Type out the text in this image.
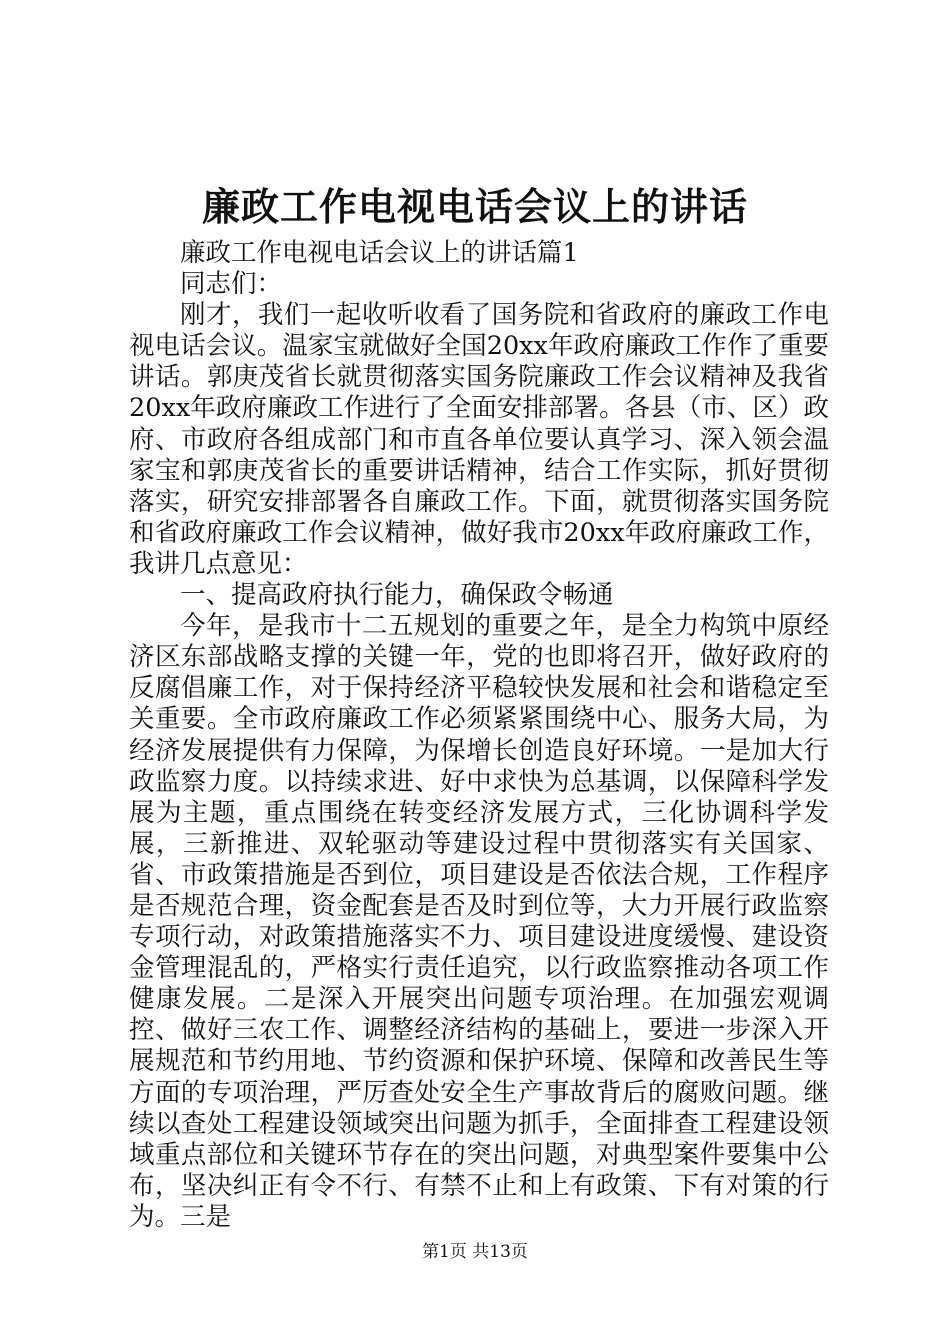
廉政工作电视电话会议上的讲话

廉政工作电视电话会议上的讲话篇1

同志们：

刚才，我们一起收听收看了国务院和省政府的廉政工作电视电话会议。温家宝就做好全国20xx年政府廉政工作作了重要讲话。郭庚茂省长就贯彻落实国务院廉政工作会议精神及我省20xx年政府廉政工作进行了全面安排部署。各县（市、区）政府、市政府各组成部门和市直各单位要认真学习、深入领会温家宝和郭庚茂省长的重要讲话精神，结合工作实际，抓好贯彻落实，研究安排部署各自廉政工作。下面，就贯彻落实国务院和省政府廉政工作会议精神，做好我市20xx年政府廉政工作，我讲几点意见：

一、提高政府执行能力，确保政令畅通

今年，是我市十二五规划的重要之年，是全力构筑中原经济区东部战略支撑的关键一年，党的也即将召开，做好政府的反腐倡廉工作，对于保持经济平稳较快发展和社会和谐稳定至关重要。全市政府廉政工作必须紧紧围绕中心、服务大局，为经济发展提供有力保障，为保增长创造良好环境。一是加大行政监察力度。以持续求进、好中求快为总基调，以保障科学发展为主题，重点围绕在转变经济发展方式，三化协调科学发展，三新推进、双轮驱动等建设过程中贯彻落实有关国家、省、市政策措施是否到位，项目建设是否依法合规，工作程序是否规范合理，资金配套是否及时到位等，大力开展行政监察专项行动，对政策措施落实不力、项目建设进度缓慢、建设资金管理混乱的，严格实行责任追究，以行政监察推动各项工作健康发展。二是深入开展突出问题专项治理。在加强宏观调控、做好三农工作、调整经济结构的基础上，要进一步深入开展规范和节约用地、节约资源和保护环境、保障和改善民生等方面的专项治理，严厉查处安全生产事故背后的腐败问题。继续以查处工程建设领域突出问题为抓手，全面排查工程建设领域重点部位和关键环节存在的突出问题，对典型案件要集中公布，坚决纠正有令不行、有禁不止和上有政策、下有对策的行为。三是

第1页 共13页
